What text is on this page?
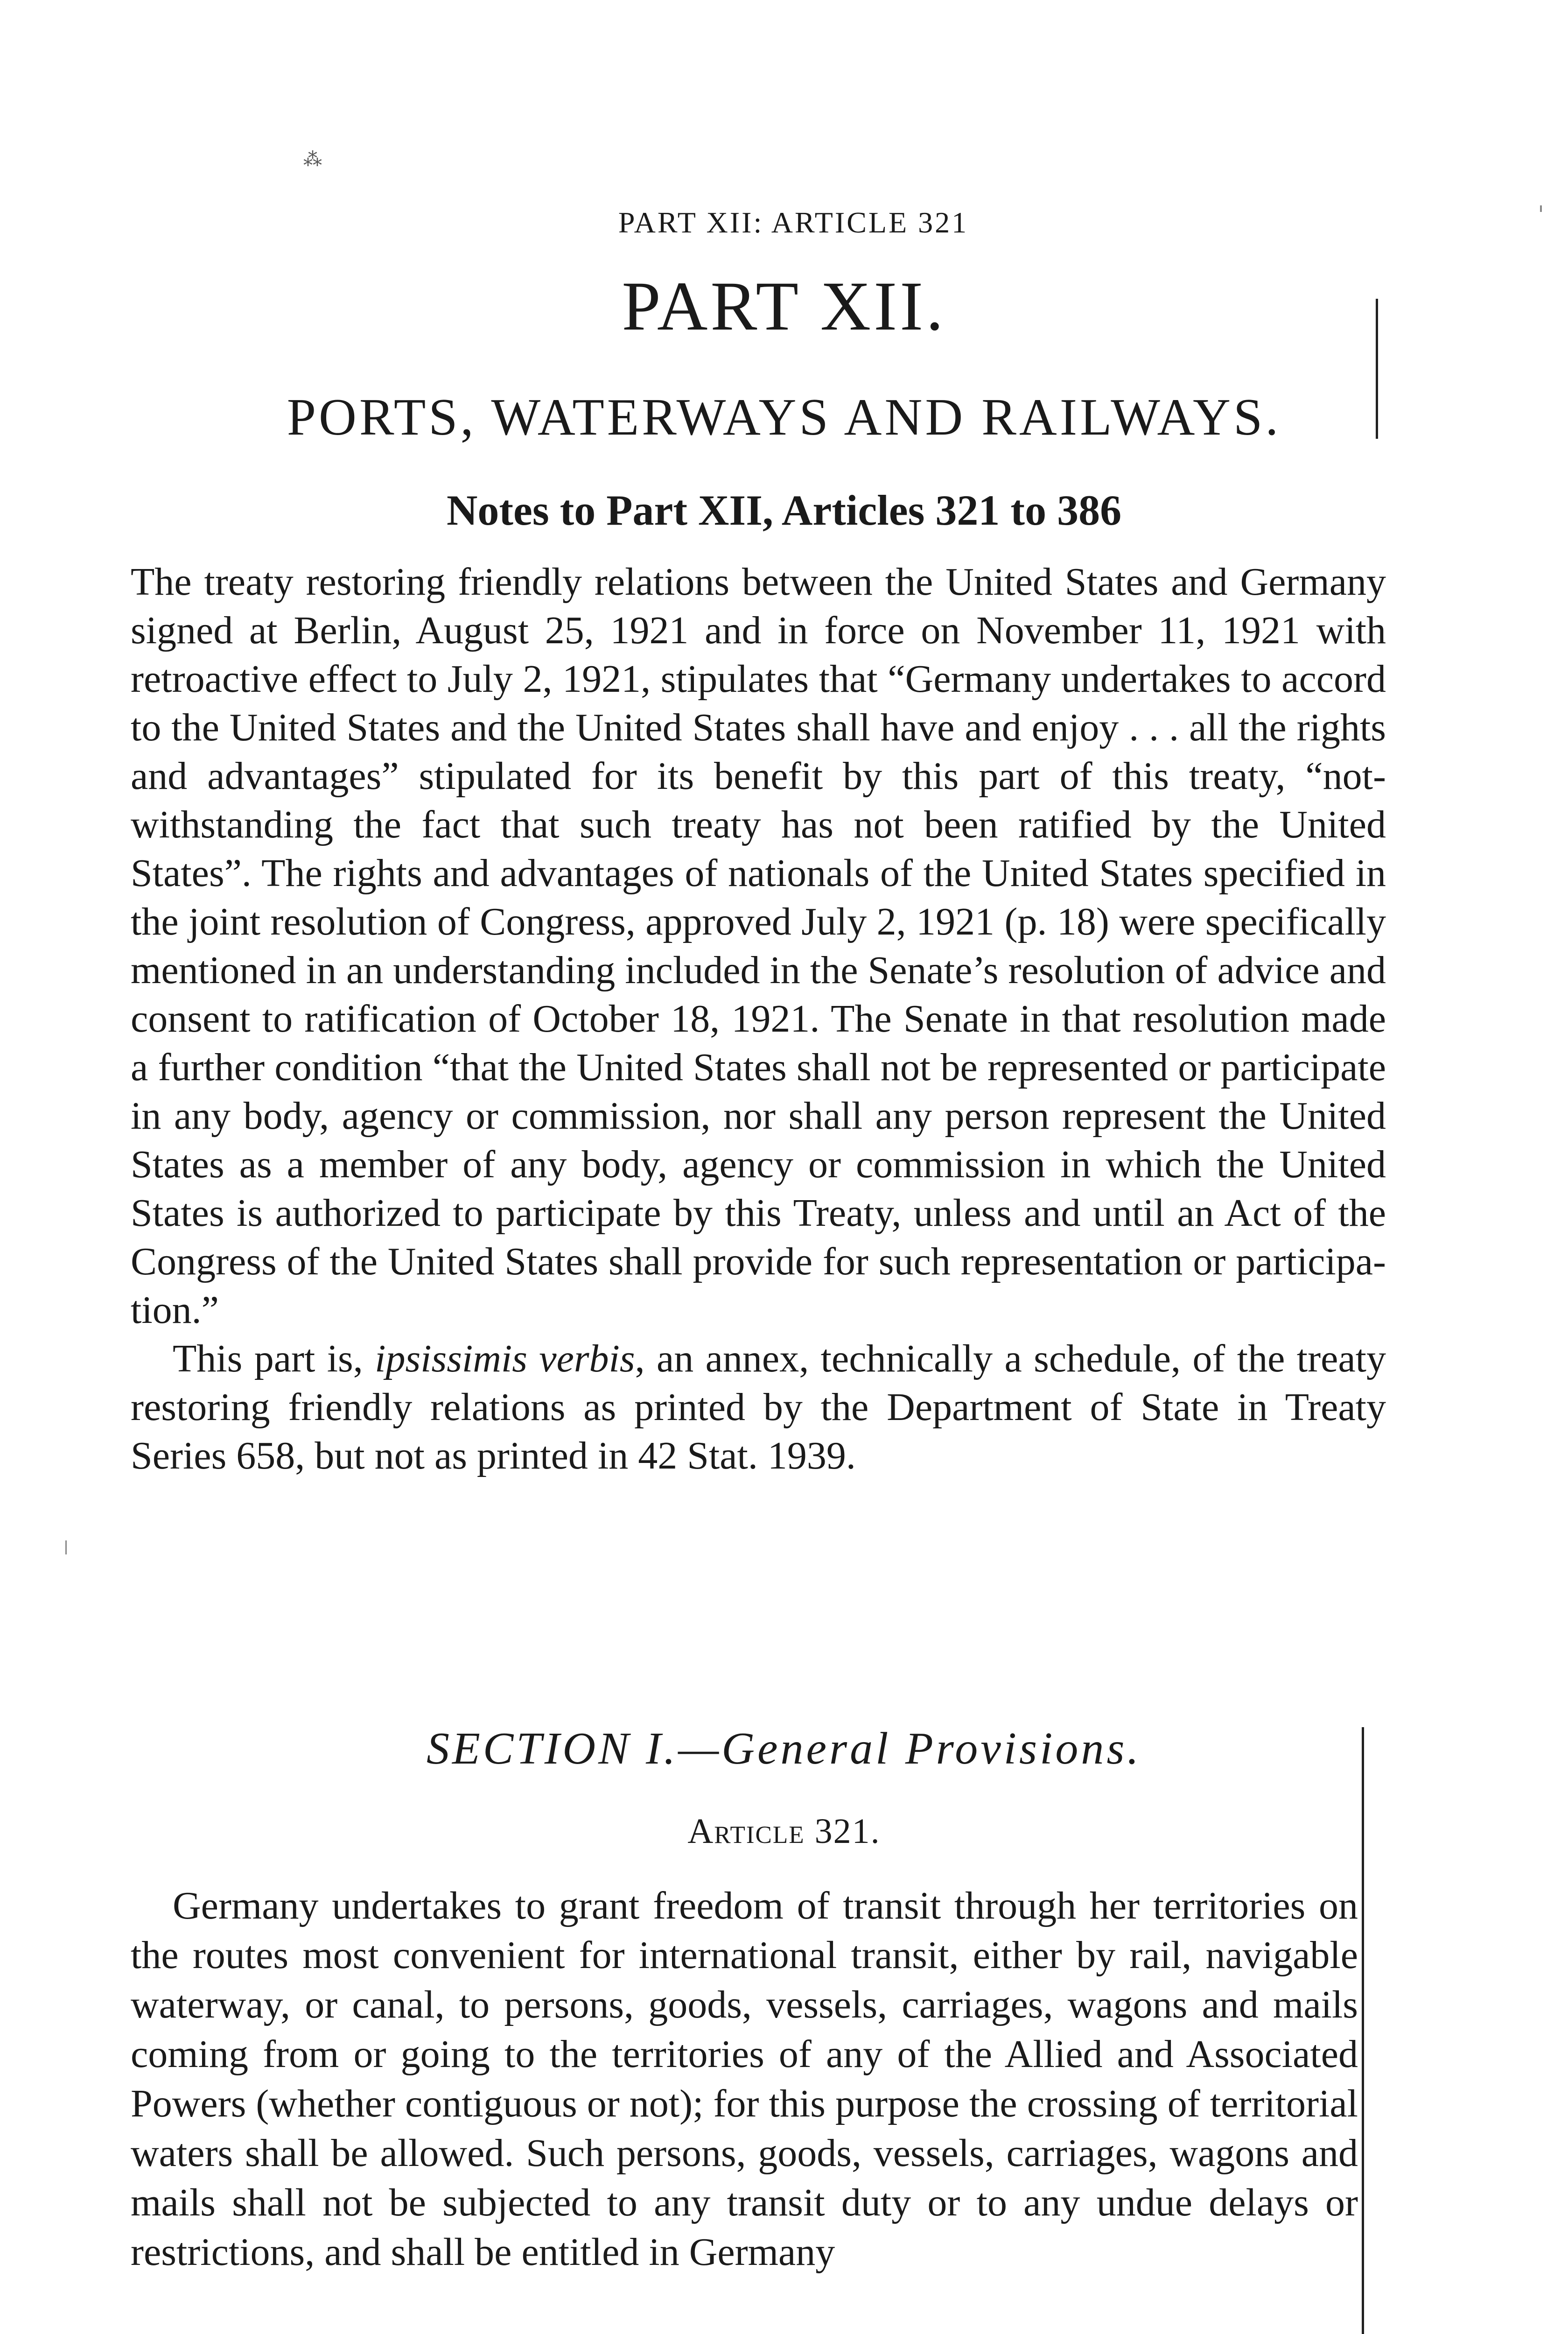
⁂
PART XII: ARTICLE 321
PART XII.
PORTS, WATERWAYS AND RAILWAYS.
Notes to Part XII, Articles 321 to 386

The treaty restoring friendly relations between the United States and Germany signed at Berlin, August 25, 1921 and in force on November 11, 1921 with retroactive effect to July 2, 1921, stipulates that “Germany undertakes to accord to the United States and the United States shall have and enjoy . . . all the rights and advantages” stipulated for its benefit by this part of this treaty, “notwithstanding the fact that such treaty has not been ratified by the United States”. The rights and advantages of nationals of the United States specified in the joint resolution of Congress, approved July 2, 1921 (p. 18) were specifically mentioned in an understanding included in the Senate’s resolution of advice and consent to ratification of October 18, 1921. The Senate in that resolution made a further condition “that the United States shall not be represented or participate in any body, agency or commission, nor shall any person represent the United States as a member of any body, agency or commission in which the United States is authorized to participate by this Treaty, unless and until an Act of the Congress of the United States shall provide for such representation or participation.”

This part is, ipsissimis verbis, an annex, technically a schedule, of the treaty restoring friendly relations as printed by the Department of State in Treaty Series 658, but not as printed in 42 Stat. 1939.

SECTION I.—General Provisions.
Article 321.

Germany undertakes to grant freedom of transit through her territories on the routes most convenient for international transit, either by rail, navigable waterway, or canal, to persons, goods, vessels, carriages, wagons and mails coming from or going to the territories of any of the Allied and Associated Powers (whether contiguous or not); for this purpose the crossing of territorial waters shall be allowed. Such persons, goods, vessels, carriages, wagons and mails shall not be subjected to any transit duty or to any undue delays or restrictions, and shall be entitled in Germany
